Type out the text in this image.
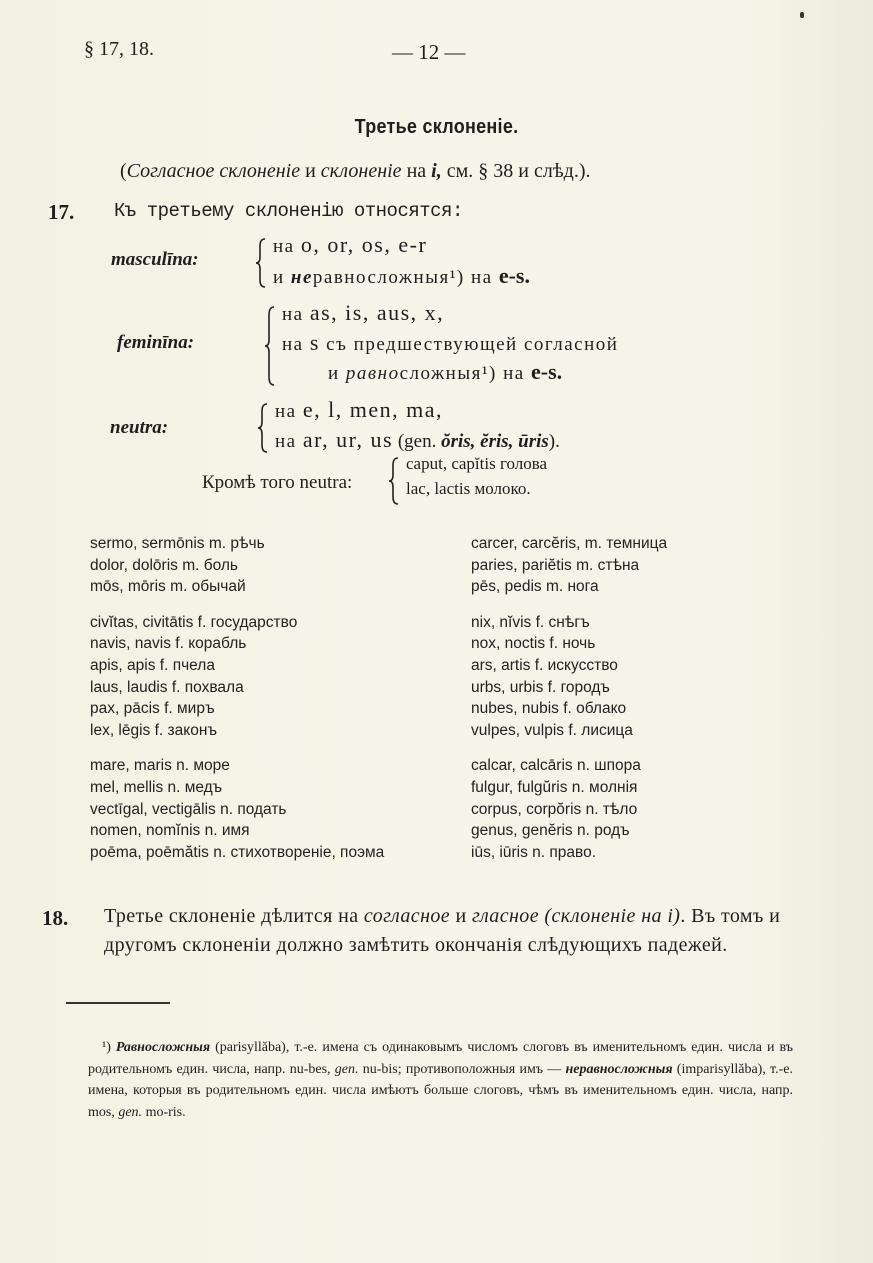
§ 17, 18.	— 12 —
Третье склоненіе.
(Согласное склоненіе и склоненіе на i, см. § 38 и слѣд.).
17. Къ третьему склоненію относятся:
masculīna:
на o, or, os, e-r
и неравносложныя¹) на e-s.
feminīna:
на as, is, aus, x,
на s съ предшествующей согласной
и равносложныя¹) на e-s.
neutra:
на e, l, men, ma,
на ar, ur, us (gen. ŏris, ĕris, ūris).
Кромѣ того neutra:
caput, capĭtis голова
lac, lactis молоко.
sermo, sermōnis m. рѣчь
dolor, dolōris m. боль
mōs, mōris m. обычай
civĭtas, civitātis f. государство
navis, navis f. корабль
apis, apis f. пчела
laus, laudis f. похвала
pax, pācis f. миръ
lex, lēgis f. законъ
mare, maris n. море
mel, mellis n. медъ
vectīgal, vectigālis n. подать
nomen, nomĭnis n. имя
poēma, poēmătis n. стихотвореніе, поэма
carcer, carcĕris, m. темница
paries, pariĕtis m. стѣна
pēs, pedis m. нога
nix, nĭvis f. снѣгъ
nox, noctis f. ночь
ars, artis f. искусство
urbs, urbis f. городъ
nubes, nubis f. облако
vulpes, vulpis f. лисица
calcar, calcāris n. шпора
fulgur, fulgŭris n. молнія
corpus, corpŏris n. тѣло
genus, genĕris n. родъ
iūs, iūris n. право.
18. Третье склоненіе дѣлится на согласное и гласное (склоненіе на i). Въ томъ и другомъ склоненіи должно замѣтить окончанія слѣдующихъ падежей.
¹) Равносложныя (parisyllăba), т.-е. имена съ одинаковымъ числомъ слоговъ въ именительномъ един. числа и въ родительномъ един. числа, напр. nu-bes, gen. nu-bis; противоположныя имъ — неравносложныя (imparisyllăba), т.-е. имена, которыя въ родительномъ един. числа имѣютъ больше слоговъ, чѣмъ въ именительномъ един. числа, напр. mos, gen. mo-ris.
